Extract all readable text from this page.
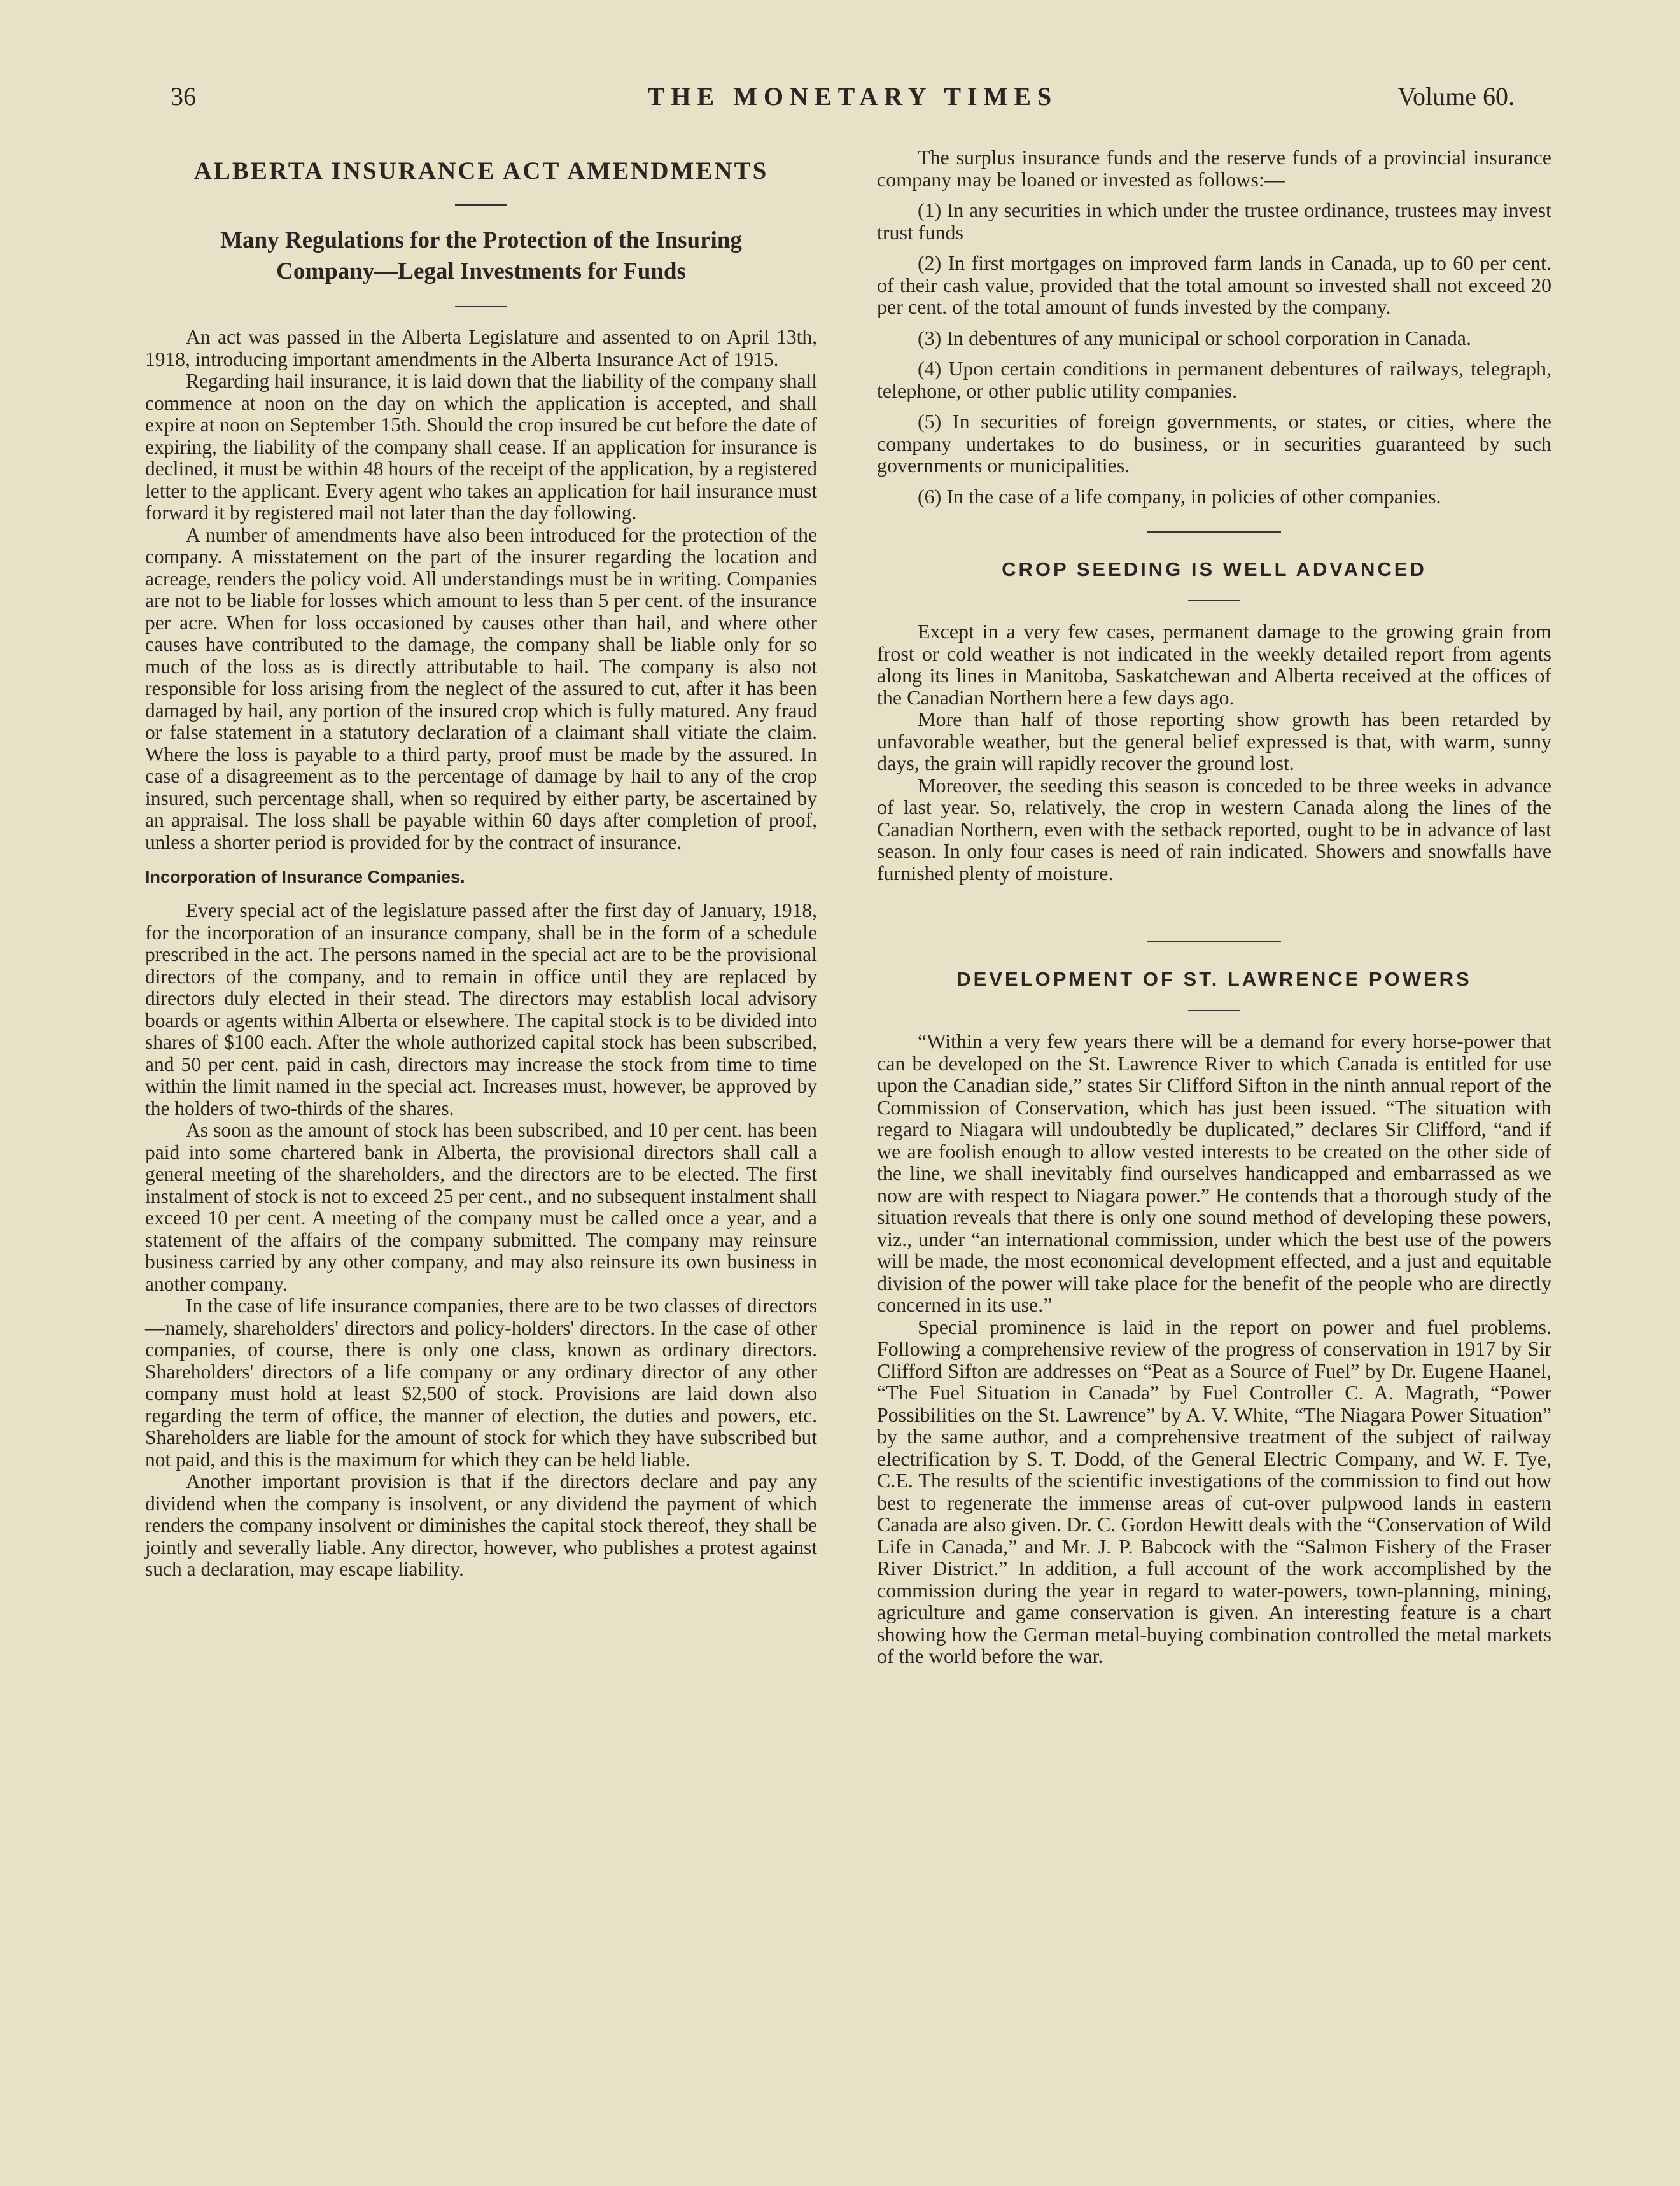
36	THE MONETARY TIMES	Volume 60.
ALBERTA INSURANCE ACT AMENDMENTS
Many Regulations for the Protection of the Insuring
Company—Legal Investments for Funds

An act was passed in the Alberta Legislature and assented to on April 13th, 1918, introducing important amendments in the Alberta Insurance Act of 1915.

Regarding hail insurance, it is laid down that the liability of the company shall commence at noon on the day on which the application is accepted, and shall expire at noon on September 15th. Should the crop insured be cut before the date of expiring, the liability of the company shall cease. If an application for insurance is declined, it must be within 48 hours of the receipt of the application, by a registered letter to the applicant. Every agent who takes an application for hail insurance must forward it by registered mail not later than the day following.

A number of amendments have also been introduced for the protection of the company. A misstatement on the part of the insurer regarding the location and acreage, renders the policy void. All understandings must be in writing. Companies are not to be liable for losses which amount to less than 5 per cent. of the insurance per acre. When for loss occasioned by causes other than hail, and where other causes have contributed to the damage, the company shall be liable only for so much of the loss as is directly attributable to hail. The company is also not responsible for loss arising from the neglect of the assured to cut, after it has been damaged by hail, any portion of the insured crop which is fully matured. Any fraud or false statement in a statutory declaration of a claimant shall vitiate the claim. Where the loss is payable to a third party, proof must be made by the assured. In case of a disagreement as to the percentage of damage by hail to any of the crop insured, such percentage shall, when so required by either party, be ascertained by an appraisal. The loss shall be payable within 60 days after completion of proof, unless a shorter period is provided for by the contract of insurance.

Incorporation of Insurance Companies.

Every special act of the legislature passed after the first day of January, 1918, for the incorporation of an insurance company, shall be in the form of a schedule prescribed in the act. The persons named in the special act are to be the provisional directors of the company, and to remain in office until they are replaced by directors duly elected in their stead. The directors may establish local advisory boards or agents within Alberta or elsewhere. The capital stock is to be divided into shares of $100 each. After the whole authorized capital stock has been subscribed, and 50 per cent. paid in cash, directors may increase the stock from time to time within the limit named in the special act. Increases must, however, be approved by the holders of two-thirds of the shares.

As soon as the amount of stock has been subscribed, and 10 per cent. has been paid into some chartered bank in Alberta, the provisional directors shall call a general meeting of the shareholders, and the directors are to be elected. The first instalment of stock is not to exceed 25 per cent., and no subsequent instalment shall exceed 10 per cent. A meeting of the company must be called once a year, and a statement of the affairs of the company submitted. The company may reinsure business carried by any other company, and may also reinsure its own business in another company.

In the case of life insurance companies, there are to be two classes of directors—namely, shareholders' directors and policy-holders' directors. In the case of other companies, of course, there is only one class, known as ordinary directors. Shareholders' directors of a life company or any ordinary director of any other company must hold at least $2,500 of stock. Provisions are laid down also regarding the term of office, the manner of election, the duties and powers, etc. Shareholders are liable for the amount of stock for which they have subscribed but not paid, and this is the maximum for which they can be held liable.

Another important provision is that if the directors declare and pay any dividend when the company is insolvent, or any dividend the payment of which renders the company insolvent or diminishes the capital stock thereof, they shall be jointly and severally liable. Any director, however, who publishes a protest against such a declaration, may escape liability.

The surplus insurance funds and the reserve funds of a provincial insurance company may be loaned or invested as follows:—

(1) In any securities in which under the trustee ordinance, trustees may invest trust funds

(2) In first mortgages on improved farm lands in Canada, up to 60 per cent. of their cash value, provided that the total amount so invested shall not exceed 20 per cent. of the total amount of funds invested by the company.

(3) In debentures of any municipal or school corporation in Canada.

(4) Upon certain conditions in permanent debentures of railways, telegraph, telephone, or other public utility companies.

(5) In securities of foreign governments, or states, or cities, where the company undertakes to do business, or in securities guaranteed by such governments or municipalities.

(6) In the case of a life company, in policies of other companies.

CROP SEEDING IS WELL ADVANCED

Except in a very few cases, permanent damage to the growing grain from frost or cold weather is not indicated in the weekly detailed report from agents along its lines in Manitoba, Saskatchewan and Alberta received at the offices of the Canadian Northern here a few days ago.

More than half of those reporting show growth has been retarded by unfavorable weather, but the general belief expressed is that, with warm, sunny days, the grain will rapidly recover the ground lost.

Moreover, the seeding this season is conceded to be three weeks in advance of last year. So, relatively, the crop in western Canada along the lines of the Canadian Northern, even with the setback reported, ought to be in advance of last season. In only four cases is need of rain indicated. Showers and snowfalls have furnished plenty of moisture.

DEVELOPMENT OF ST. LAWRENCE POWERS

“Within a very few years there will be a demand for every horse-power that can be developed on the St. Lawrence River to which Canada is entitled for use upon the Canadian side,” states Sir Clifford Sifton in the ninth annual report of the Commission of Conservation, which has just been issued. “The situation with regard to Niagara will undoubtedly be duplicated,” declares Sir Clifford, “and if we are foolish enough to allow vested interests to be created on the other side of the line, we shall inevitably find ourselves handicapped and embarrassed as we now are with respect to Niagara power.” He contends that a thorough study of the situation reveals that there is only one sound method of developing these powers, viz., under “an international commission, under which the best use of the powers will be made, the most economical development effected, and a just and equitable division of the power will take place for the benefit of the people who are directly concerned in its use.”

Special prominence is laid in the report on power and fuel problems. Following a comprehensive review of the progress of conservation in 1917 by Sir Clifford Sifton are addresses on “Peat as a Source of Fuel” by Dr. Eugene Haanel, “The Fuel Situation in Canada” by Fuel Controller C. A. Magrath, “Power Possibilities on the St. Lawrence” by A. V. White, “The Niagara Power Situation” by the same author, and a comprehensive treatment of the subject of railway electrification by S. T. Dodd, of the General Electric Company, and W. F. Tye, C.E. The results of the scientific investigations of the commission to find out how best to regenerate the immense areas of cut-over pulpwood lands in eastern Canada are also given. Dr. C. Gordon Hewitt deals with the “Conservation of Wild Life in Canada,” and Mr. J. P. Babcock with the “Salmon Fishery of the Fraser River District.” In addition, a full account of the work accomplished by the commission during the year in regard to water-powers, town-planning, mining, agriculture and game conservation is given. An interesting feature is a chart showing how the German metal-buying combination controlled the metal markets of the world before the war.
